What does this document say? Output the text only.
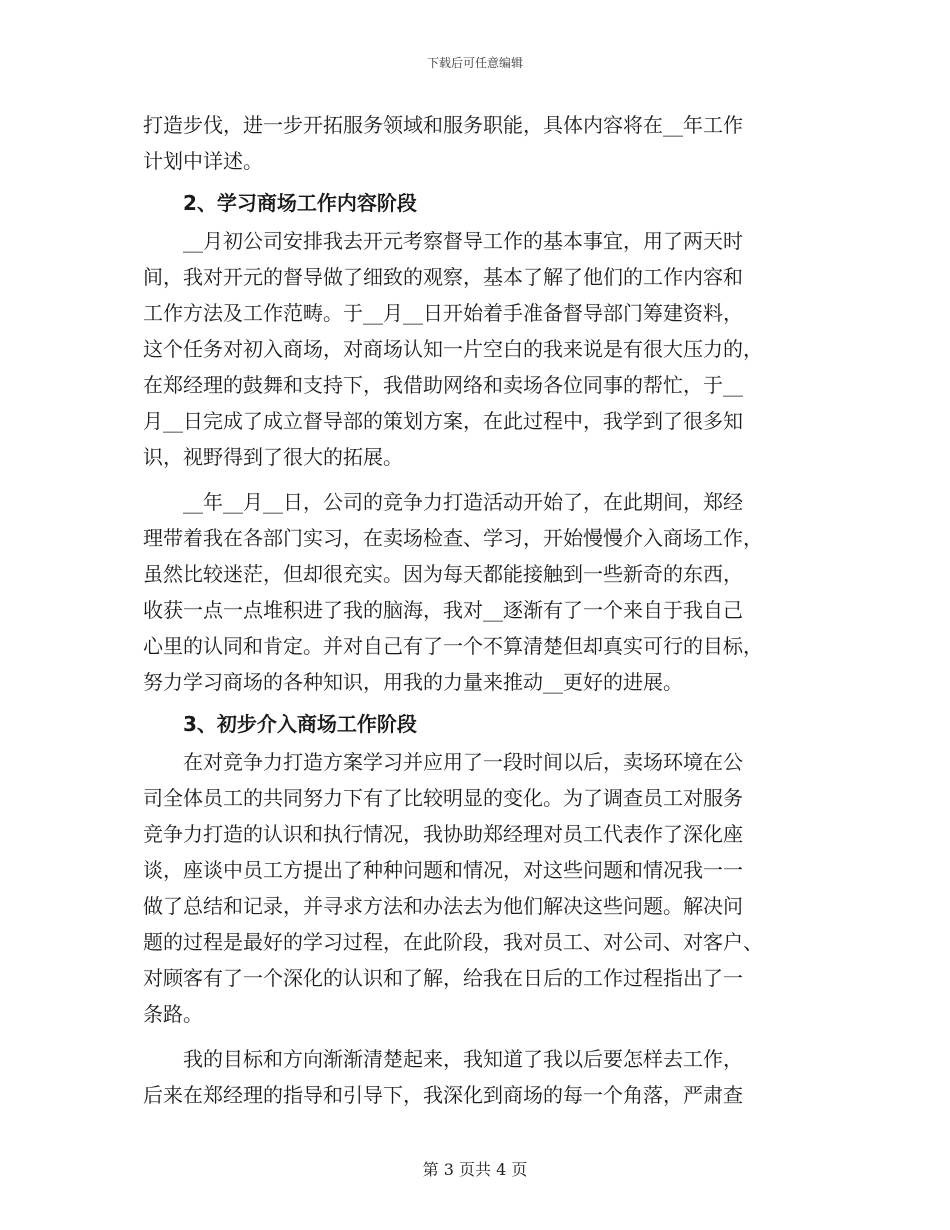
下载后可任意编辑

打造步伐，进一步开拓服务领域和服务职能，具体内容将在__年工作

计划中详述。

2、学习商场工作内容阶段

__月初公司安排我去开元考察督导工作的基本事宜，用了两天时

间，我对开元的督导做了细致的观察，基本了解了他们的工作内容和

工作方法及工作范畴。于__月__日开始着手准备督导部门筹建资料，

这个任务对初入商场，对商场认知一片空白的我来说是有很大压力的，

在郑经理的鼓舞和支持下，我借助网络和卖场各位同事的帮忙，于__

月__日完成了成立督导部的策划方案，在此过程中，我学到了很多知

识，视野得到了很大的拓展。

__年__月__日，公司的竞争力打造活动开始了，在此期间，郑经

理带着我在各部门实习，在卖场检查、学习，开始慢慢介入商场工作，

虽然比较迷茫，但却很充实。因为每天都能接触到一些新奇的东西，

收获一点一点堆积进了我的脑海，我对__逐渐有了一个来自于我自己

心里的认同和肯定。并对自己有了一个不算清楚但却真实可行的目标，

努力学习商场的各种知识，用我的力量来推动__更好的进展。

3、初步介入商场工作阶段

在对竞争力打造方案学习并应用了一段时间以后，卖场环境在公

司全体员工的共同努力下有了比较明显的变化。为了调查员工对服务

竞争力打造的认识和执行情况，我协助郑经理对员工代表作了深化座

谈，座谈中员工方提出了种种问题和情况，对这些问题和情况我一一

做了总结和记录，并寻求方法和办法去为他们解决这些问题。解决问

题的过程是最好的学习过程，在此阶段，我对员工、对公司、对客户、

对顾客有了一个深化的认识和了解，给我在日后的工作过程指出了一

条路。

我的目标和方向渐渐清楚起来，我知道了我以后要怎样去工作，

后来在郑经理的指导和引导下，我深化到商场的每一个角落，严肃查

第 3 页共 4 页
